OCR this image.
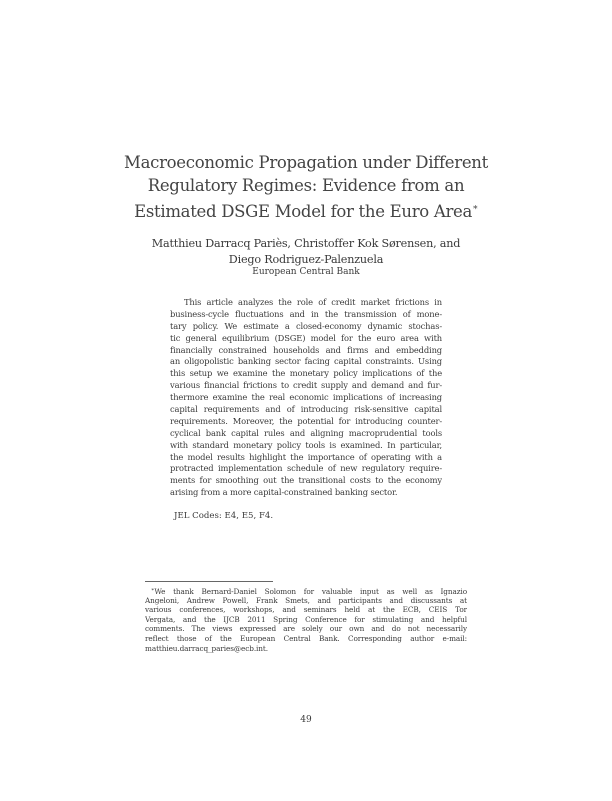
Macroeconomic Propagation under Different
Regulatory Regimes: Evidence from an
Estimated DSGE Model for the Euro Area∗
Matthieu Darracq Pariès, Christoffer Kok Sørensen, and
Diego Rodriguez-Palenzuela
European Central Bank
This article analyzes the role of credit market frictions in
business-cycle fluctuations and in the transmission of mone-
tary policy. We estimate a closed-economy dynamic stochas-
tic general equilibrium (DSGE) model for the euro area with
financially constrained households and firms and embedding
an oligopolistic banking sector facing capital constraints. Using
this setup we examine the monetary policy implications of the
various financial frictions to credit supply and demand and fur-
thermore examine the real economic implications of increasing
capital requirements and of introducing risk-sensitive capital
requirements. Moreover, the potential for introducing counter-
cyclical bank capital rules and aligning macroprudential tools
with standard monetary policy tools is examined. In particular,
the model results highlight the importance of operating with a
protracted implementation schedule of new regulatory require-
ments for smoothing out the transitional costs to the economy
arising from a more capital-constrained banking sector.
JEL Codes: E4, E5, F4.
∗We thank Bernard-Daniel Solomon for valuable input as well as Ignazio
Angeloni, Andrew Powell, Frank Smets, and participants and discussants at
various conferences, workshops, and seminars held at the ECB, CEIS Tor
Vergata, and the IJCB 2011 Spring Conference for stimulating and helpful
comments. The views expressed are solely our own and do not necessarily
reflect those of the European Central Bank. Corresponding author e-mail:
matthieu.darracq_paries@ecb.int.
49
